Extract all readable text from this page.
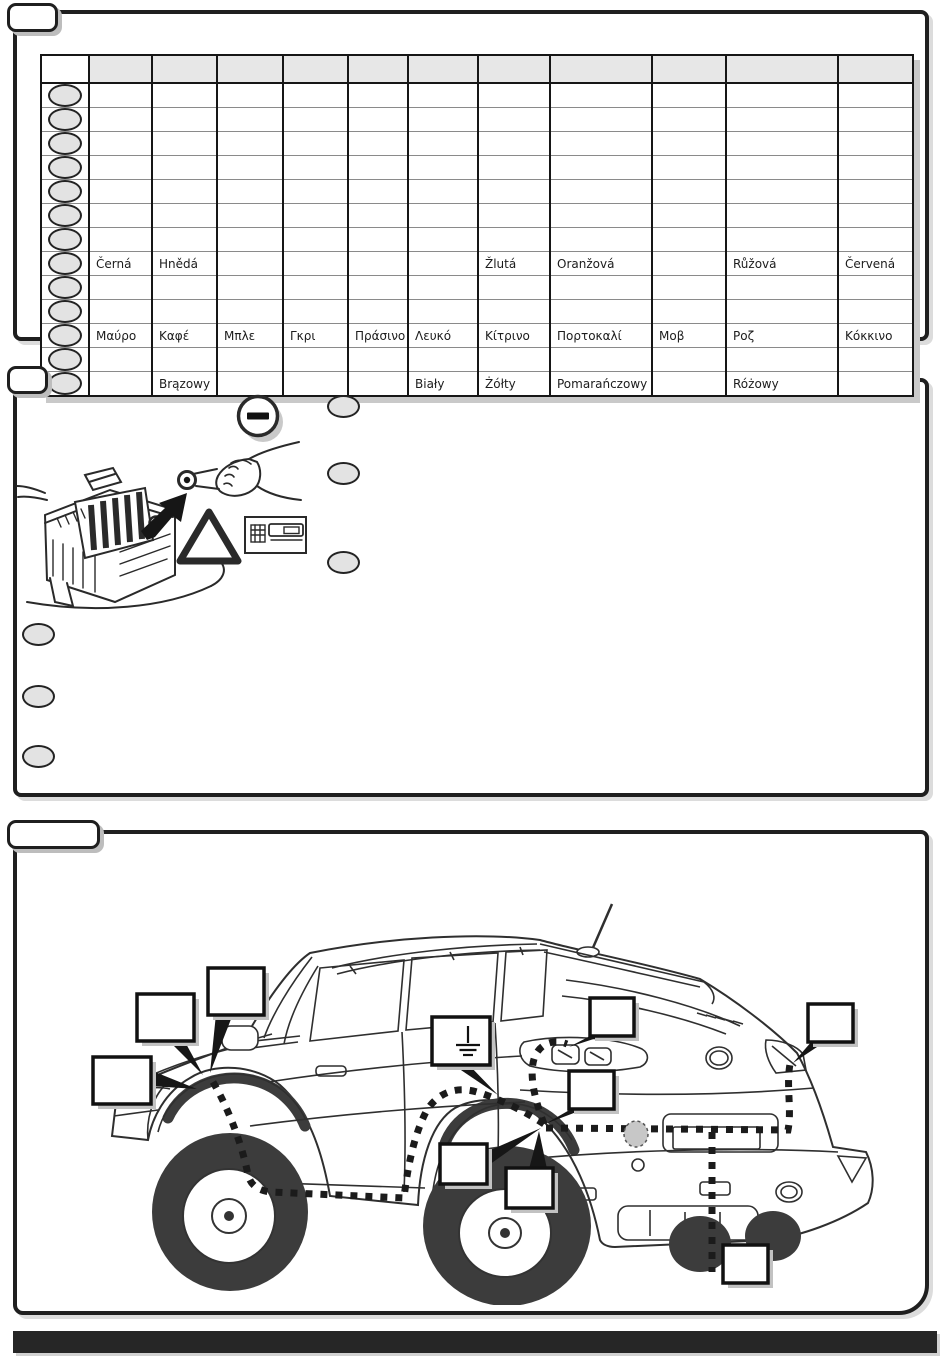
	Černá	Hnědá					Žlutá	Oranžová		Růžová	Červená

	Μαύρο	Καφέ	Μπλε	Γκρι	Πράσινο	Λευκό	Κίτρινο	Πορτοκαλί	Μοβ	Ροζ	Κόκκινο

		Brązowy				Biały	Żółty	Pomarańczowy		Różowy	
